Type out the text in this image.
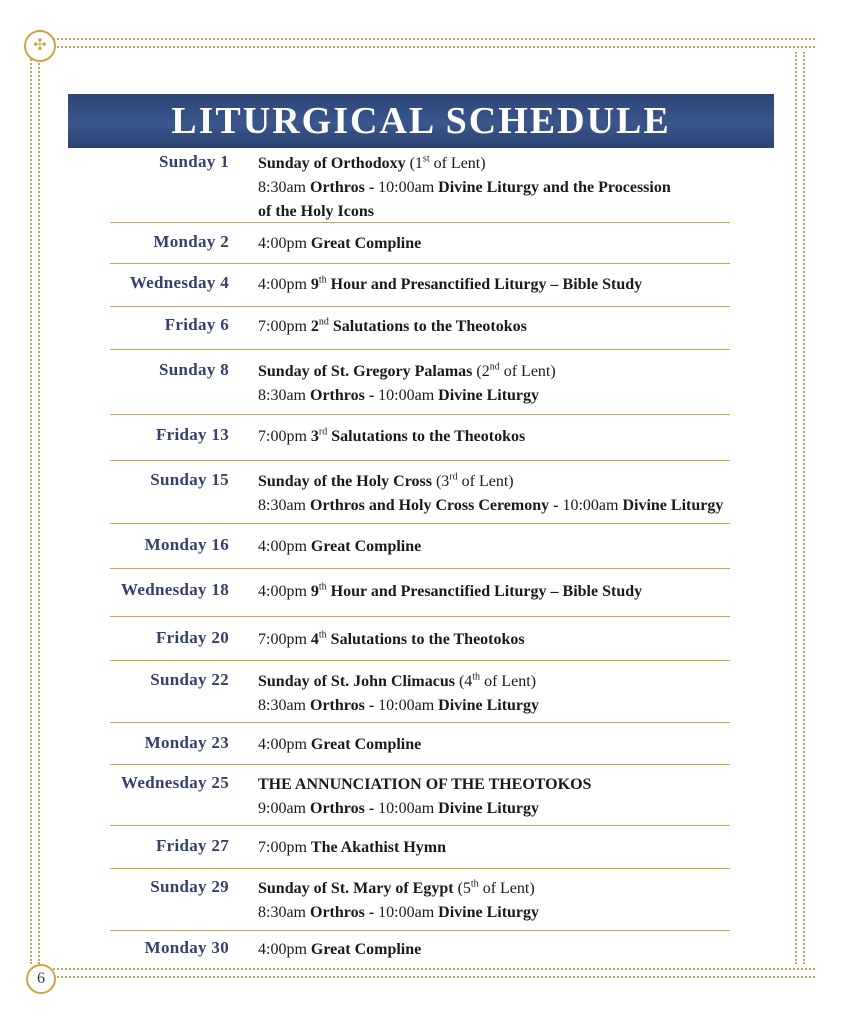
✣
6
LITURGICAL SCHEDULE
Sunday 1 Sunday of Orthodoxy (1st of Lent)
8:30am Orthros - 10:00am Divine Liturgy and the Procession
of the Holy Icons
Monday 2 4:00pm Great Compline
Wednesday 4 4:00pm 9th Hour and Presanctified Liturgy – Bible Study
Friday 6 7:00pm 2nd Salutations to the Theotokos
Sunday 8 Sunday of St. Gregory Palamas (2nd of Lent)
8:30am Orthros - 10:00am Divine Liturgy
Friday 13 7:00pm 3rd Salutations to the Theotokos
Sunday 15 Sunday of the Holy Cross (3rd of Lent)
8:30am Orthros and Holy Cross Ceremony - 10:00am Divine Liturgy
Monday 16 4:00pm Great Compline
Wednesday 18 4:00pm 9th Hour and Presanctified Liturgy – Bible Study
Friday 20 7:00pm 4th Salutations to the Theotokos
Sunday 22 Sunday of St. John Climacus (4th of Lent)
8:30am Orthros - 10:00am Divine Liturgy
Monday 23 4:00pm Great Compline
Wednesday 25 THE ANNUNCIATION OF THE THEOTOKOS
9:00am Orthros - 10:00am Divine Liturgy
Friday 27 7:00pm The Akathist Hymn
Sunday 29 Sunday of St. Mary of Egypt (5th of Lent)
8:30am Orthros - 10:00am Divine Liturgy
Monday 30 4:00pm Great Compline
